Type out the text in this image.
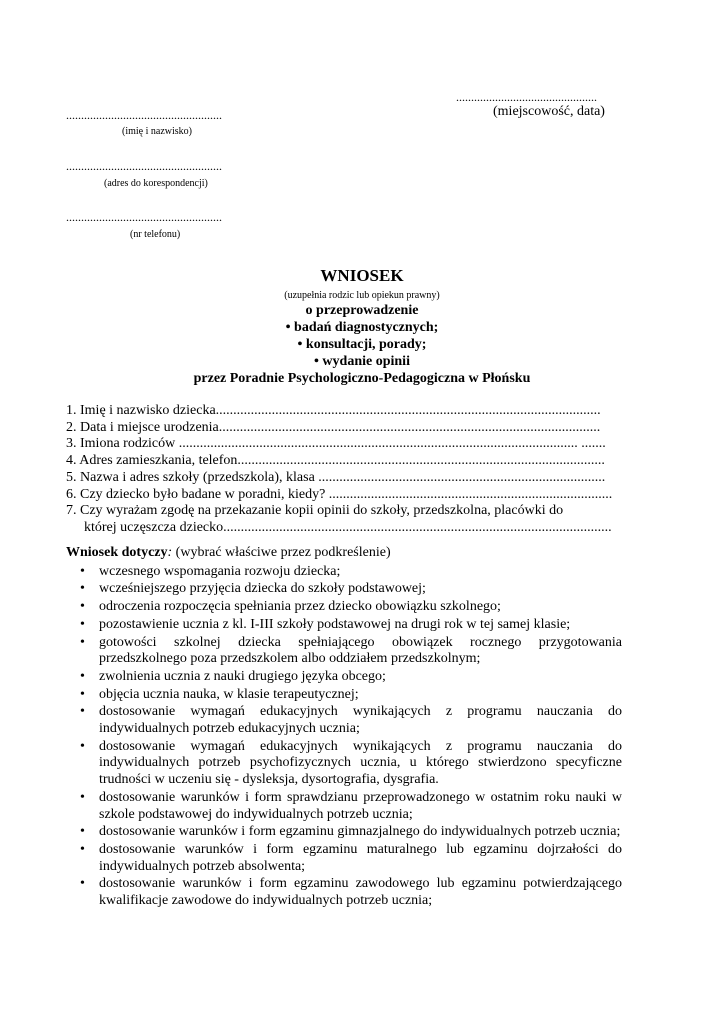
...............................................
(miejscowość, data)
....................................................
(imię i nazwisko)
....................................................
(adres do korespondencji)
....................................................
(nr telefonu)
WNIOSEK
(uzupełnia rodzic lub opiekun prawny)
o przeprowadzenie
• badań diagnostycznych;
• konsultacji, porady;
• wydanie opinii
przez Poradnie Psychologiczno-Pedagogiczna w Płońsku
1. Imię i nazwisko dziecka..............................................................................................................
2. Data i miejsce urodzenia.............................................................................................................
3. Imiona rodziców .................................................................................................................. .......
4. Adres zamieszkania, telefon.........................................................................................................
5. Nazwa i adres szkoły (przedszkola), klasa ..................................................................................
6. Czy dziecko było badane w poradni, kiedy? .................................................................................
7. Czy wyrażam zgodę na przekazanie kopii opinii do szkoły, przedszkolna, placówki do
której uczęszcza dziecko...............................................................................................................
Wniosek dotyczy: (wybrać właściwe przez podkreślenie)
• wczesnego wspomagania rozwoju dziecka;
• wcześniejszego przyjęcia dziecka do szkoły podstawowej;
• odroczenia rozpoczęcia spełniania przez dziecko obowiązku szkolnego;
• pozostawienie ucznia z kl. I-III szkoły podstawowej na drugi rok w tej samej klasie;
• gotowości szkolnej dziecka spełniającego obowiązek rocznego przygotowania przedszkolnego poza przedszkolem albo oddziałem przedszkolnym;
• zwolnienia ucznia z nauki drugiego języka obcego;
• objęcia ucznia nauka, w klasie terapeutycznej;
• dostosowanie wymagań edukacyjnych wynikających z programu nauczania do indywidualnych potrzeb edukacyjnych ucznia;
• dostosowanie wymagań edukacyjnych wynikających z programu nauczania do indywidualnych potrzeb psychofizycznych ucznia, u którego stwierdzono specyficzne trudności w uczeniu się - dysleksja, dysortografia, dysgrafia.
• dostosowanie warunków i form sprawdzianu przeprowadzonego w ostatnim roku nauki w szkole podstawowej do indywidualnych potrzeb ucznia;
• dostosowanie warunków i form egzaminu gimnazjalnego do indywidualnych potrzeb ucznia;
• dostosowanie warunków i form egzaminu maturalnego lub egzaminu dojrzałości do indywidualnych potrzeb absolwenta;
• dostosowanie warunków i form egzaminu zawodowego lub egzaminu potwierdzającego kwalifikacje zawodowe do indywidualnych potrzeb ucznia;
